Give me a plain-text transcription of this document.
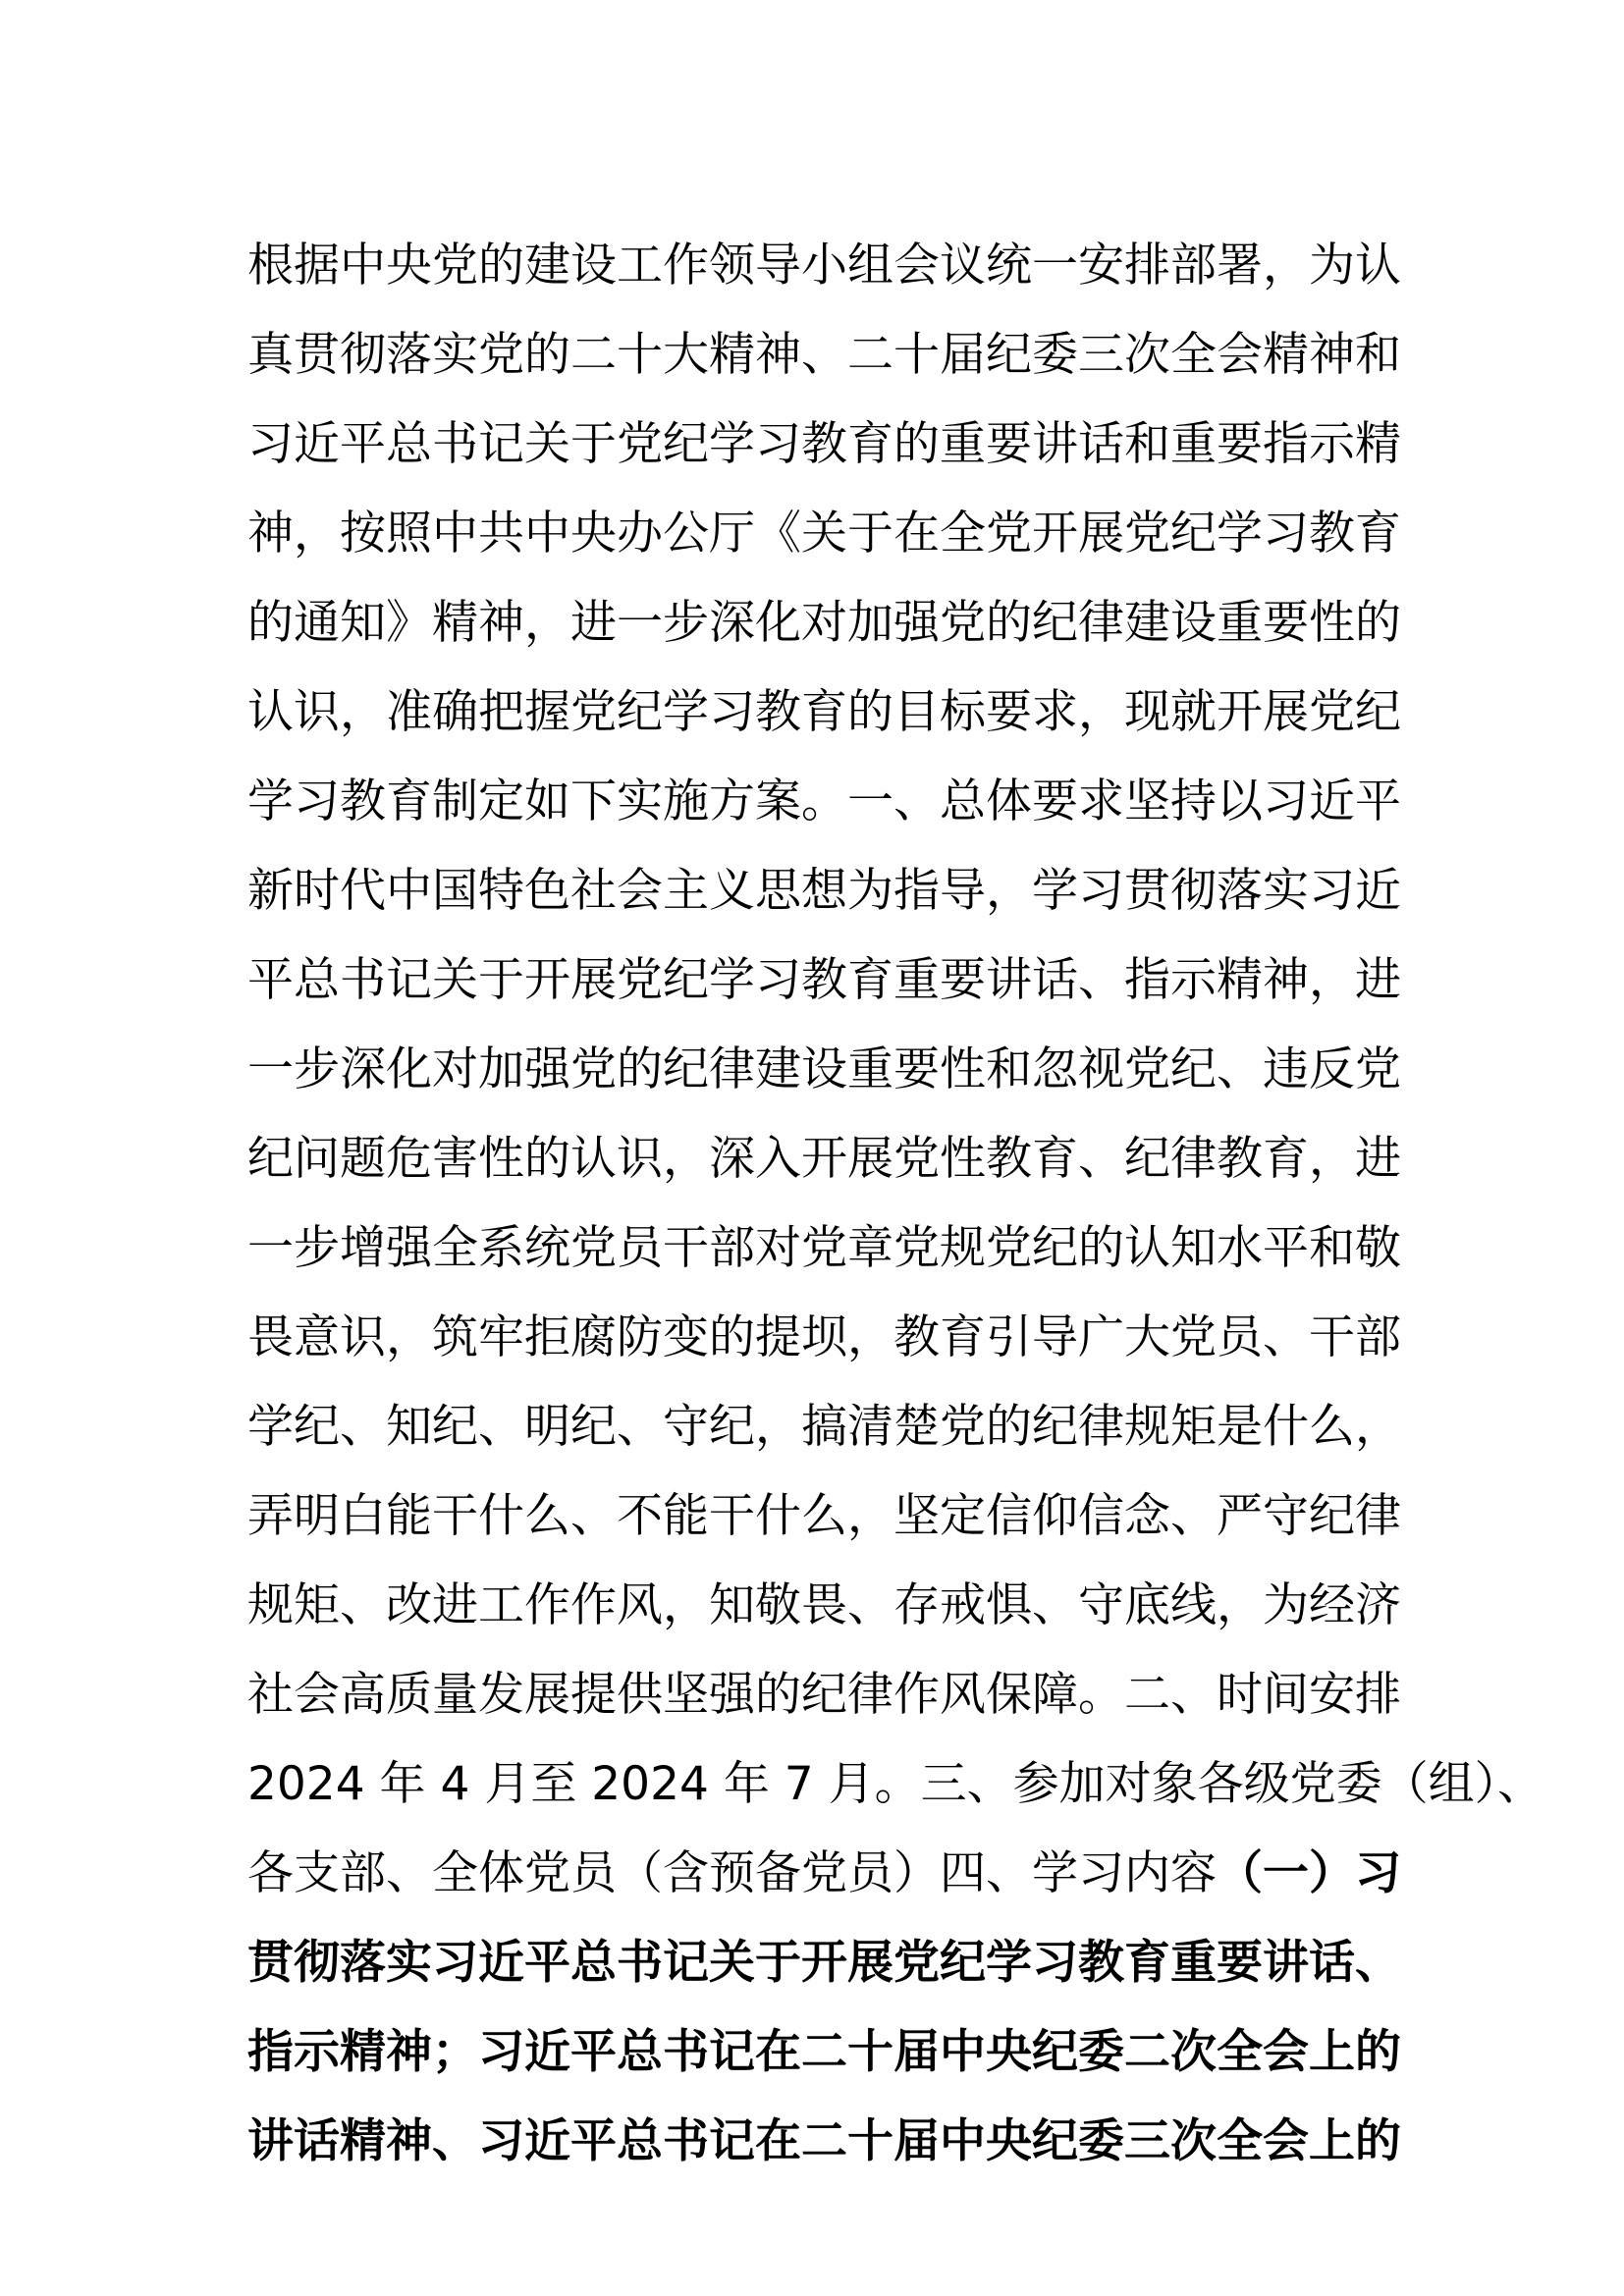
根据中央党的建设工作领导小组会议统一安排部署，为认
真贯彻落实党的二十大精神、二十届纪委三次全会精神和
习近平总书记关于党纪学习教育的重要讲话和重要指示精
神，按照中共中央办公厅《关于在全党开展党纪学习教育
的通知》精神，进一步深化对加强党的纪律建设重要性的
认识，准确把握党纪学习教育的目标要求，现就开展党纪
学习教育制定如下实施方案。一、总体要求坚持以习近平
新时代中国特色社会主义思想为指导，学习贯彻落实习近
平总书记关于开展党纪学习教育重要讲话、指示精神，进
一步深化对加强党的纪律建设重要性和忽视党纪、违反党
纪问题危害性的认识，深入开展党性教育、纪律教育，进
一步增强全系统党员干部对党章党规党纪的认知水平和敬
畏意识，筑牢拒腐防变的提坝，教育引导广大党员、干部
学纪、知纪、明纪、守纪，搞清楚党的纪律规矩是什么，
弄明白能干什么、不能干什么，坚定信仰信念、严守纪律
规矩、改进工作作风，知敬畏、存戒惧、守底线，为经济
社会高质量发展提供坚强的纪律作风保障。二、时间安排
2024 年 4 月至 2024 年 7 月。三、参加对象各级党委（组）、
各支部、全体党员（含预备党员）四、学习内容（一）习
贯彻落实习近平总书记关于开展党纪学习教育重要讲话、
指示精神；习近平总书记在二十届中央纪委二次全会上的
讲话精神、习近平总书记在二十届中央纪委三次全会上的
